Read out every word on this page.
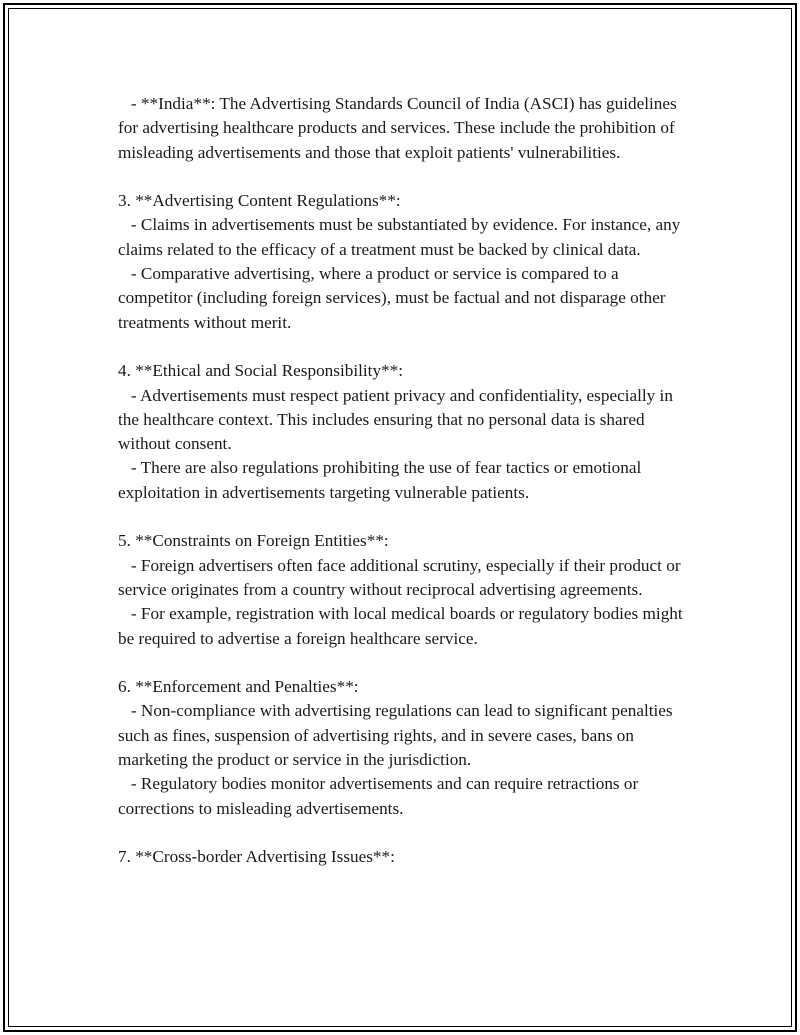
- **India**: The Advertising Standards Council of India (ASCI) has guidelines for advertising healthcare products and services. These include the prohibition of misleading advertisements and those that exploit patients' vulnerabilities.

3. **Advertising Content Regulations**:

- Claims in advertisements must be substantiated by evidence. For instance, any claims related to the efficacy of a treatment must be backed by clinical data.

- Comparative advertising, where a product or service is compared to a competitor (including foreign services), must be factual and not disparage other treatments without merit.

4. **Ethical and Social Responsibility**:

- Advertisements must respect patient privacy and confidentiality, especially in the healthcare context. This includes ensuring that no personal data is shared without consent.

- There are also regulations prohibiting the use of fear tactics or emotional exploitation in advertisements targeting vulnerable patients.

5. **Constraints on Foreign Entities**:

- Foreign advertisers often face additional scrutiny, especially if their product or service originates from a country without reciprocal advertising agreements.

- For example, registration with local medical boards or regulatory bodies might be required to advertise a foreign healthcare service.

6. **Enforcement and Penalties**:

- Non-compliance with advertising regulations can lead to significant penalties such as fines, suspension of advertising rights, and in severe cases, bans on marketing the product or service in the jurisdiction.

- Regulatory bodies monitor advertisements and can require retractions or corrections to misleading advertisements.

7. **Cross-border Advertising Issues**:
